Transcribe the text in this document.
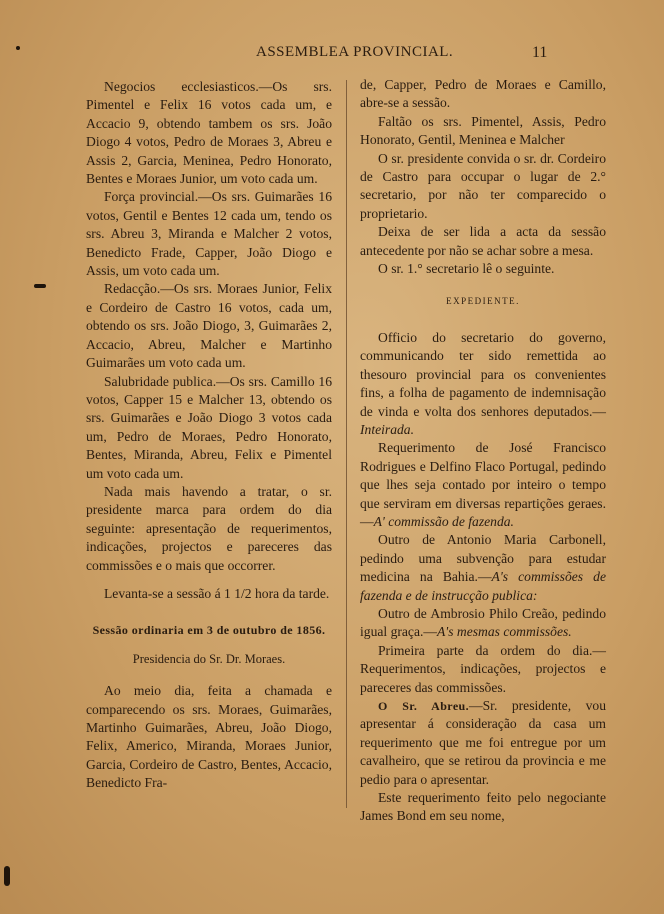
ASSEMBLEA PROVINCIAL.	11

Negocios ecclesiasticos.—Os srs. Pimentel e Felix 16 votos cada um, e Accacio 9, obtendo tambem os srs. João Diogo 4 votos, Pedro de Moraes 3, Abreu e Assis 2, Garcia, Meninea, Pedro Honorato, Bentes e Moraes Junior, um voto cada um.

Força provincial.—Os srs. Guimarães 16 votos, Gentil e Bentes 12 cada um, tendo os srs. Abreu 3, Miranda e Malcher 2 votos, Benedicto Frade, Capper, João Diogo e Assis, um voto cada um.

Redacção.—Os srs. Moraes Junior, Felix e Cordeiro de Castro 16 votos, cada um, obtendo os srs. João Diogo, 3, Guimarães 2, Accacio, Abreu, Malcher e Martinho Guimarães um voto cada um.

Salubridade publica.—Os srs. Camillo 16 votos, Capper 15 e Malcher 13, obtendo os srs. Guimarães e João Diogo 3 votos cada um, Pedro de Moraes, Pedro Honorato, Bentes, Miranda, Abreu, Felix e Pimentel um voto cada um.

Nada mais havendo a tratar, o sr. presidente marca para ordem do dia seguinte: apresentação de requerimentos, indicações, projectos e pareceres das commissões e o mais que occorrer.

Levanta-se a sessão á 1 1/2 hora da tarde.

Sessão ordinaria em 3 de outubro de 1856.
Presidencia do Sr. Dr. Moraes.

Ao meio dia, feita a chamada e comparecendo os srs. Moraes, Guimarães, Martinho Guimarães, Abreu, João Diogo, Felix, Americo, Miranda, Moraes Junior, Garcia, Cordeiro de Castro, Bentes, Accacio, Benedicto Fra-

de, Capper, Pedro de Moraes e Camillo, abre-se a sessão.

Faltão os srs. Pimentel, Assis, Pedro Honorato, Gentil, Meninea e Malcher

O sr. presidente convida o sr. dr. Cordeiro de Castro para occupar o lugar de 2.° secretario, por não ter comparecido o proprietario.

Deixa de ser lida a acta da sessão antecedente por não se achar sobre a mesa.

O sr. 1.° secretario lê o seguinte.

EXPEDIENTE.

Officio do secretario do governo, communicando ter sido remettida ao thesouro provincial para os convenientes fins, a folha de pagamento de indemnisação de vinda e volta dos senhores deputados.—Inteirada.

Requerimento de José Francisco Rodrigues e Delfino Flaco Portugal, pedindo que lhes seja contado por inteiro o tempo que serviram em diversas repartições geraes.—A' commissão de fazenda.

Outro de Antonio Maria Carbonell, pedindo uma subvenção para estudar medicina na Bahia.—A's commissões de fazenda e de instrucção publica:

Outro de Ambrosio Philo Creão, pedindo igual graça.—A's mesmas commissões.

Primeira parte da ordem do dia.—Requerimentos, indicações, projectos e pareceres das commissões.

O Sr. Abreu.—Sr. presidente, vou apresentar á consideração da casa um requerimento que me foi entregue por um cavalheiro, que se retirou da provincia e me pedio para o apresentar.

Este requerimento feito pelo negociante James Bond em seu nome,
